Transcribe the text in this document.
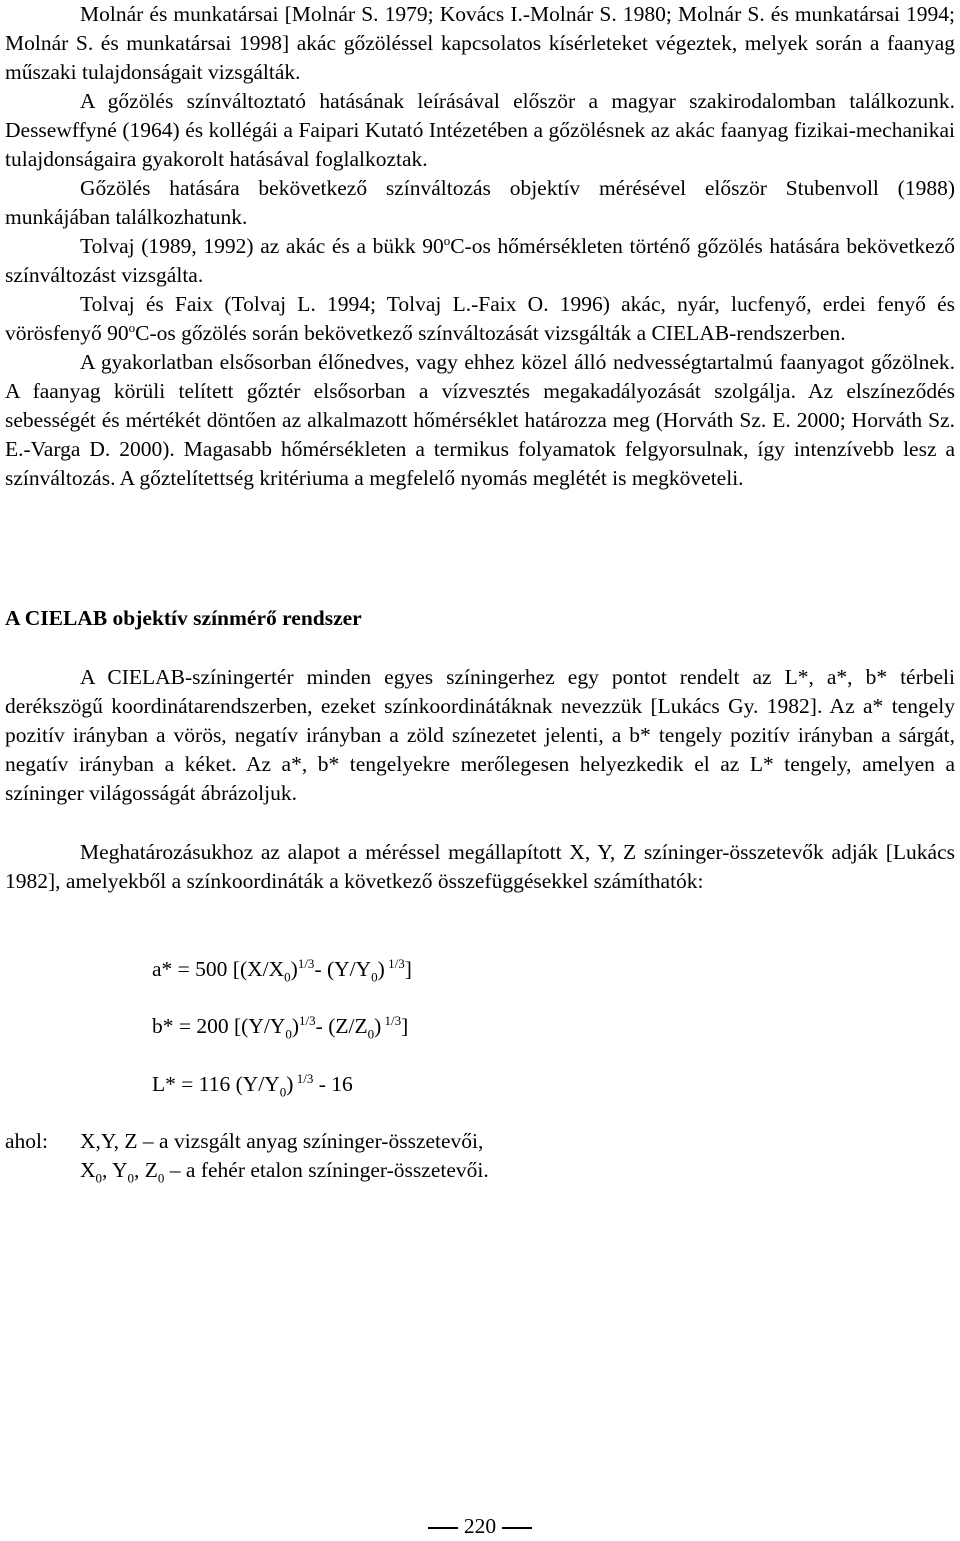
Molnár és munkatársai [Molnár S. 1979; Kovács I.-Molnár S. 1980; Molnár S. és munkatársai 1994; Molnár S. és munkatársai 1998] akác gőzöléssel kapcsolatos kísérleteket végeztek, melyek során a faanyag műszaki tulajdonságait vizsgálták.

A gőzölés színváltoztató hatásának leírásával először a magyar szakirodalomban találkozunk. Dessewffyné (1964) és kollégái a Faipari Kutató Intézetében a gőzölésnek az akác faanyag fizikai-mechanikai tulajdonságaira gyakorolt hatásával foglalkoztak.

Gőzölés hatására bekövetkező színváltozás objektív mérésével először Stubenvoll (1988) munkájában találkozhatunk.

Tolvaj (1989, 1992) az akác és a bükk 90$^o$C-os hőmérsékleten történő gőzölés hatására bekövetkező színváltozást vizsgálta.

Tolvaj és Faix (Tolvaj L. 1994; Tolvaj L.-Faix O. 1996) akác, nyár, lucfenyő, erdei fenyő és vörösfenyő 90$^o$C-os gőzölés során bekövetkező színváltozását vizsgálták a CIELAB-rendszerben.

A gyakorlatban elsősorban élőnedves, vagy ehhez közel álló nedvességtartalmú faanyagot gőzölnek. A faanyag körüli telített gőztér elsősorban a vízvesztés megakadályozását szolgálja. Az elszíneződés sebességét és mértékét döntően az alkalmazott hőmérséklet határozza meg (Horváth Sz. E. 2000; Horváth Sz. E.-Varga D. 2000). Magasabb hőmérsékleten a termikus folyamatok felgyorsulnak, így intenzívebb lesz a színváltozás. A gőztelítettség kritériuma a megfelelő nyomás meglétét is megköveteli.

A CIELAB objektív színmérő rendszer

A CIELAB-színingertér minden egyes színingerhez egy pontot rendelt az L*, a*, b* térbeli derékszögű koordinátarendszerben, ezeket színkoordinátáknak nevezzük [Lukács Gy. 1982]. Az a* tengely pozitív irányban a vörös, negatív irányban a zöld színezetet jelenti, a b* tengely pozitív irányban a sárgát, negatív irányban a kéket. Az a*, b* tengelyekre merőlegesen helyezkedik el az L* tengely, amelyen a színinger világosságát ábrázoljuk.

Meghatározásukhoz az alapot a méréssel megállapított X, Y, Z színinger-összetevők adják [Lukács 1982], amelyekből a színkoordináták a következő összefüggésekkel számíthatók:

a* = 500 [$(X/X_0)^{1/3}-$ $(Y/Y_0)$ $^{1/3}$]
b* = 200 [$(Y/Y_0)^{1/3}-$ $(Z/Z_0)$ $^{1/3}$]
L* = 116 $(Y/Y_0)$ $^{1/3}$ - 16
ahol: X,Y, Z – a vizsgált anyag színinger-összetevői,
$X_0$, $Y_0$, $Z_0$ – a fehér etalon színinger-összetevői.
220
